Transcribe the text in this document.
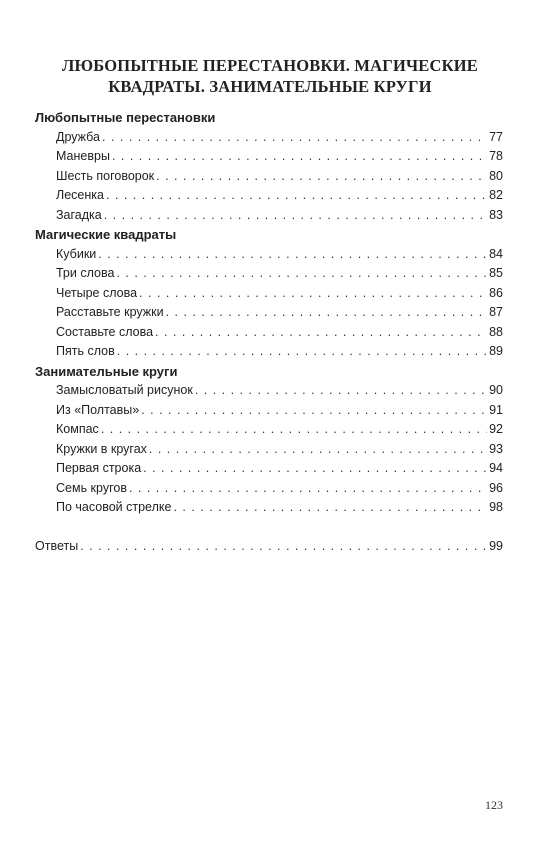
ЛЮБОПЫТНЫЕ ПЕРЕСТАНОВКИ. МАГИЧЕСКИЕ
КВАДРАТЫ. ЗАНИМАТЕЛЬНЫЕ КРУГИ
Любопытные перестановки
Дружба . . .	77
Маневры . . .	78
Шесть поговорок . . .	80
Лесенка . . .	82
Загадка . . .	83
Магические квадраты
Кубики . . .	84
Три слова . . .	85
Четыре слова . . .	86
Расставьте кружки . . .	87
Составьте слова . . .	88
Пять слов . . .	89
Занимательные круги
Замысловатый рисунок . . .	90
Из «Полтавы» . . .	91
Компас . . .	92
Кружки в кругах . . .	93
Первая строка . . .	94
Семь кругов . . .	96
По часовой стрелке . . .	98
Ответы . . .	99
123
